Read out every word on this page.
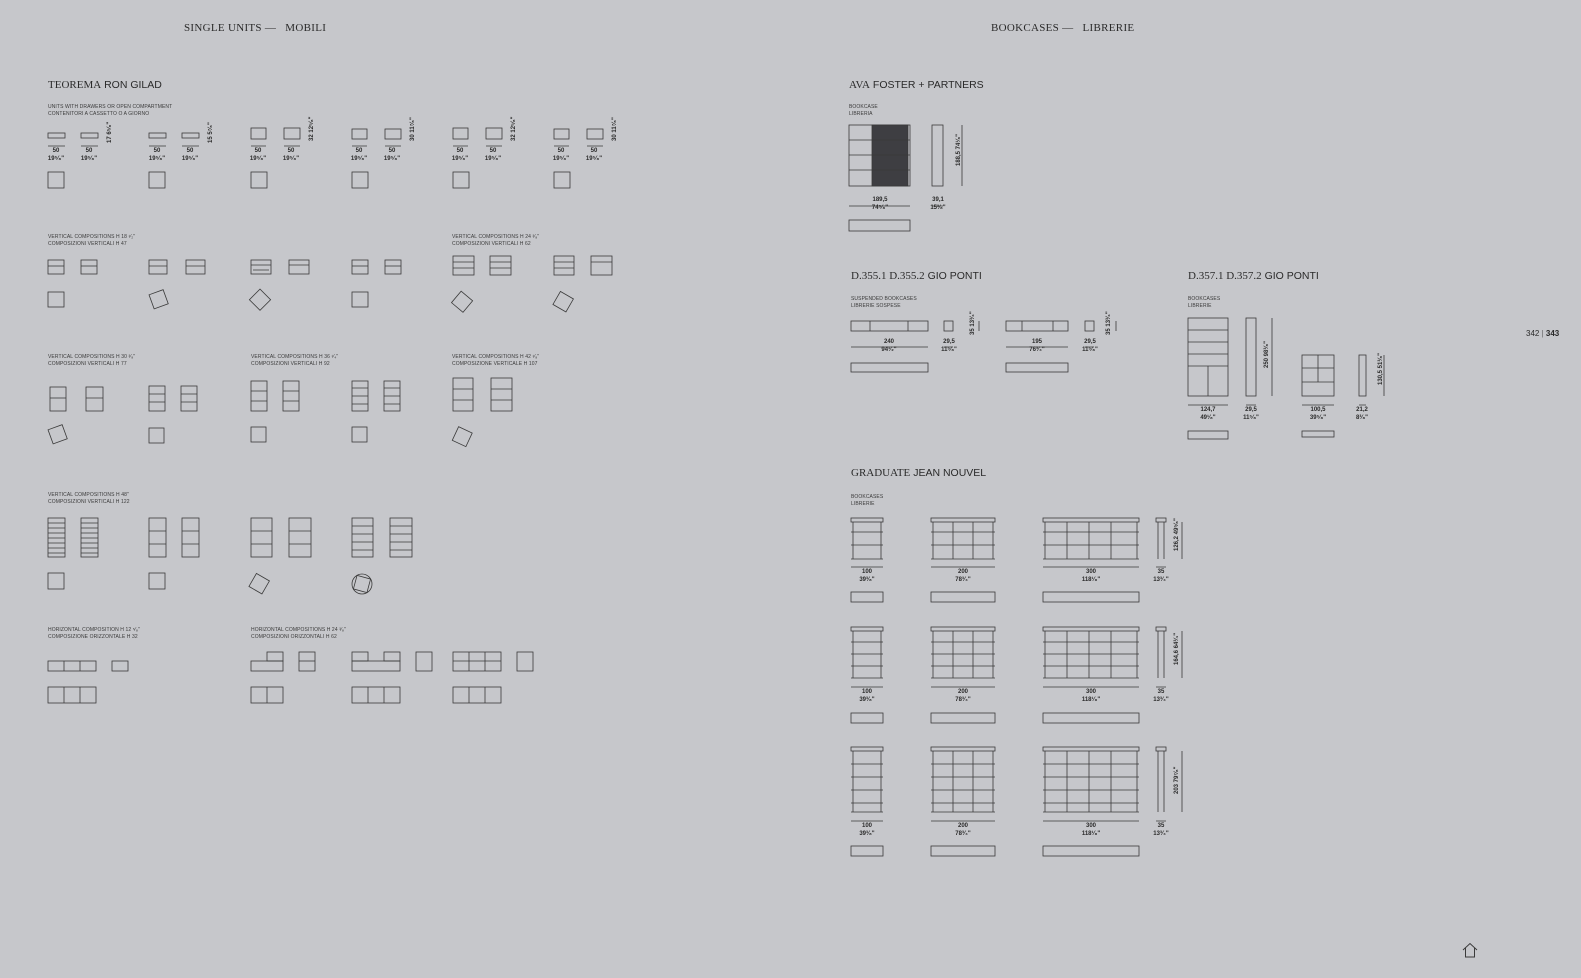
SINGLE UNITS — MOBILI	BOOKCASES — LIBRERIE
TEOREMA RON GILAD
UNITS WITH DRAWERS OR OPEN COMPARTMENT
CONTENITORI A CASSETTO O A GIORNO
50
19⁵⁄₈"
50
19⁵⁄₈"
50
19⁵⁄₈"
50
19⁵⁄₈"
50
19⁵⁄₈"
50
19⁵⁄₈"
50
19⁵⁄₈"
50
19⁵⁄₈"
50
19⁵⁄₈"
50
19⁵⁄₈"
50
19⁵⁄₈"
50
19⁵⁄₈"
17 6⁵⁄₈"
15 5⁷⁄₈"
32 12⁵⁄₈"
30 11⁷⁄₈"
32 12⁵⁄₈"
30 11⁷⁄₈"
VERTICAL COMPOSITIONS H 18 ¹⁄₂"
COMPOSIZIONI VERTICALI H 47
VERTICAL COMPOSITIONS H 24 ³⁄₈"
COMPOSIZIONI VERTICALI H 62
VERTICAL COMPOSITIONS H 30 ³⁄₈"
COMPOSIZIONI VERTICALI H 77
VERTICAL COMPOSITIONS H 36 ¹⁄₄"
COMPOSIZIONI VERTICALI H 92
VERTICAL COMPOSITIONS H 42 ¹⁄₈"
COMPOSIZIONE VERTICALE H 107
VERTICAL COMPOSITIONS H 48"
COMPOSIZIONI VERTICALI H 122
HORIZONTAL COMPOSITION H 12 ⁵⁄₈"
COMPOSIZIONE ORIZZONTALE H 32
HORIZONTAL COMPOSITIONS H 24 ³⁄₈"
COMPOSIZIONI ORIZZONTALI H 62
AVA FOSTER + PARTNERS
BOOKCASE
LIBRERIA
189,5
74⁵⁄₈"
39,1
15³⁄₈"
188,5 74¹⁄₈"
D.355.1 D.355.2 GIO PONTI
SUSPENDED BOOKCASES
LIBRERIE SOSPESE
240
94¹⁄₂"
29,5
11⁵⁄₈"
35 13³⁄₄"
195
76³⁄₄"
29,5
11⁵⁄₈"
35 13³⁄₄"
D.357.1 D.357.2 GIO PONTI
BOOKCASES
LIBRERIE
124,7
49¹⁄₈"
29,5
11⁵⁄₈"
250 98³⁄₈"
100,5
39⁵⁄₈"
21,2
8³⁄₈"
130,5 51³⁄₈"
GRADUATE JEAN NOUVEL
BOOKCASES
LIBRERIE
100
39³⁄₈"
200
78³⁄₄"
300
118¹⁄₈"
35
13³⁄₄"
126,2 49⁵⁄₈"
100
39³⁄₈"
200
78³⁄₄"
300
118¹⁄₈"
35
13³⁄₄"
164,6 64³⁄₄"
100
39³⁄₈"
200
78³⁄₄"
300
118¹⁄₈"
35
13³⁄₄"
203 79⁷⁄₈"
342 | 343
